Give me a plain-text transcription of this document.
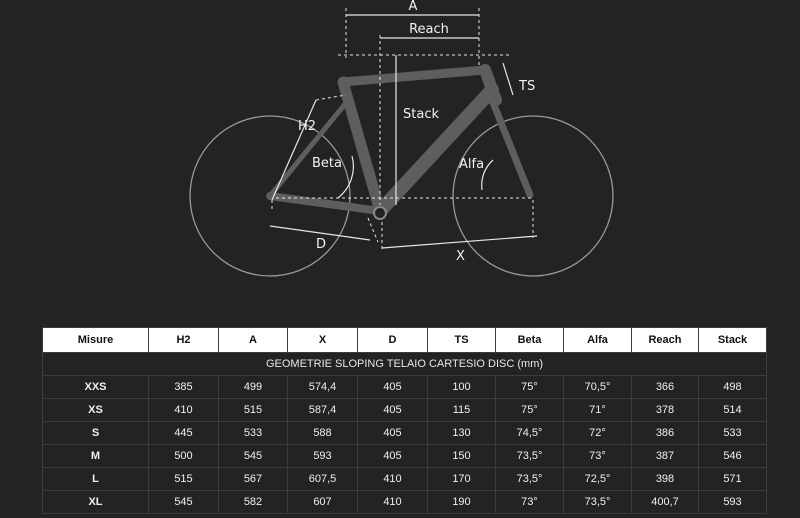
A
Reach
Stack
TS
H2
Beta	Alfa
D
X
Misure	H2	A	X	D	TS	Beta	Alfa	Reach	Stack
GEOMETRIE SLOPING TELAIO CARTESIO DISC (mm)									
XXS	385	499	574,4	405	100	75°	70,5°	366	498
XS	410	515	587,4	405	115	75°	71°	378	514
S	445	533	588	405	130	74,5°	72°	386	533
M	500	545	593	405	150	73,5°	73°	387	546
L	515	567	607,5	410	170	73,5°	72,5°	398	571
XL	545	582	607	410	190	73°	73,5°	400,7	593
